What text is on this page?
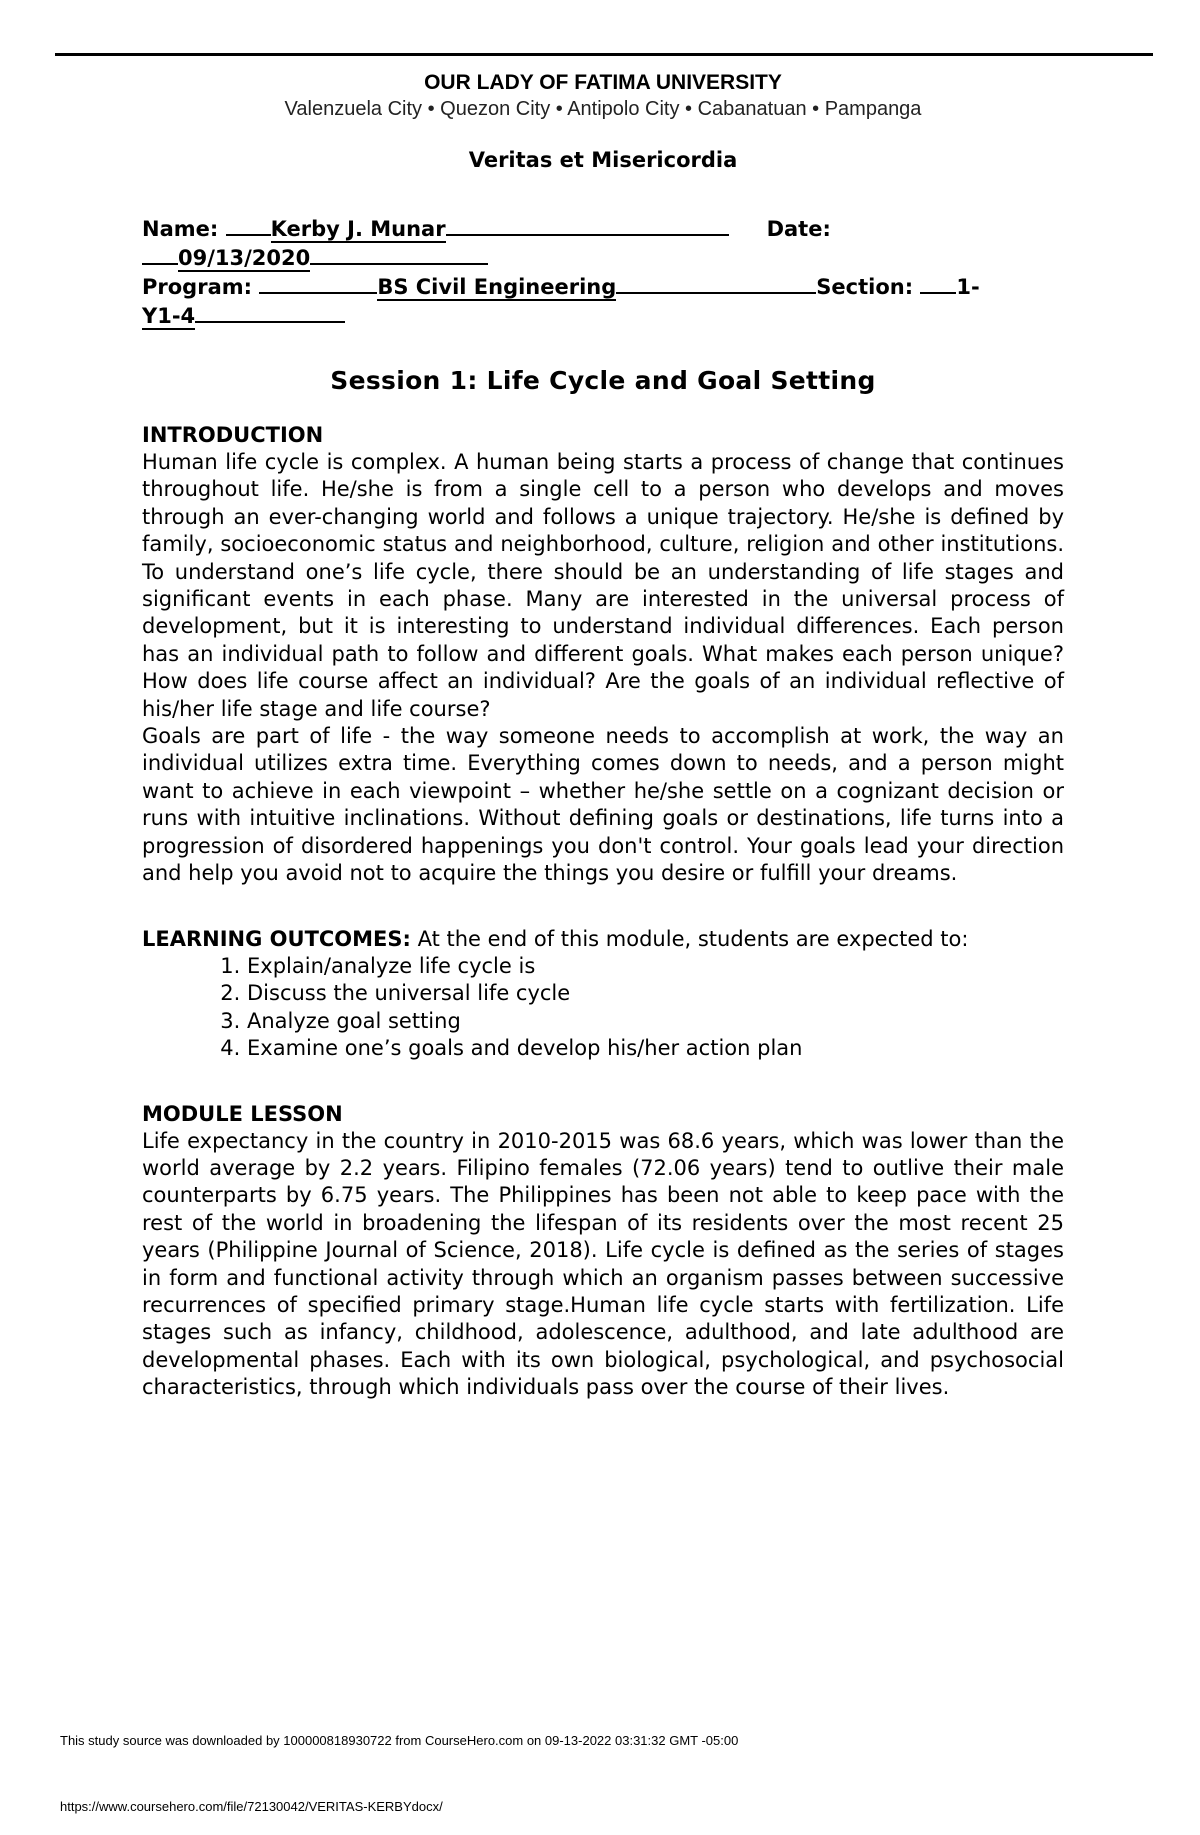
OUR LADY OF FATIMA UNIVERSITY
Valenzuela City • Quezon City • Antipolo City • Cabanatuan • Pampanga
Veritas et Misericordia
Name: Kerby J. Munar	Date:
09/13/2020
Program:	BS Civil Engineering	Section: 1-
Y1-4
Session 1: Life Cycle and Goal Setting
INTRODUCTION

Human life cycle is complex. A human being starts a process of change that continues throughout life. He/she is from a single cell to a person who develops and moves through an ever-changing world and follows a unique trajectory. He/she is defined by family, socioeconomic status and neighborhood, culture, religion and other institutions. To understand one’s life cycle, there should be an understanding of life stages and significant events in each phase. Many are interested in the universal process of development, but it is interesting to understand individual differences. Each person has an individual path to follow and different goals. What makes each person unique? How does life course affect an individual? Are the goals of an individual reflective of his/her life stage and life course?

Goals are part of life - the way someone needs to accomplish at work, the way an individual utilizes extra time. Everything comes down to needs, and a person might want to achieve in each viewpoint – whether he/she settle on a cognizant decision or runs with intuitive inclinations. Without defining goals or destinations, life turns into a progression of disordered happenings you don't control. Your goals lead your direction and help you avoid not to acquire the things you desire or fulfill your dreams.

LEARNING OUTCOMES: At the end of this module, students are expected to:
1. Explain/analyze life cycle is
2. Discuss the universal life cycle
3. Analyze goal setting
4. Examine one’s goals and develop his/her action plan
MODULE LESSON

Life expectancy in the country in 2010-2015 was 68.6 years, which was lower than the world average by 2.2 years. Filipino females (72.06 years) tend to outlive their male counterparts by 6.75 years. The Philippines has been not able to keep pace with the rest of the world in broadening the lifespan of its residents over the most recent 25 years (Philippine Journal of Science, 2018). Life cycle is defined as the series of stages in form and functional activity through which an organism passes between successive recurrences of specified primary stage.Human life cycle starts with fertilization. Life stages such as infancy, childhood, adolescence, adulthood, and late adulthood are developmental phases. Each with its own biological, psychological, and psychosocial characteristics, through which individuals pass over the course of their lives.

This study source was downloaded by 100000818930722 from CourseHero.com on 09-13-2022 03:31:32 GMT -05:00
https://www.coursehero.com/file/72130042/VERITAS-KERBYdocx/
